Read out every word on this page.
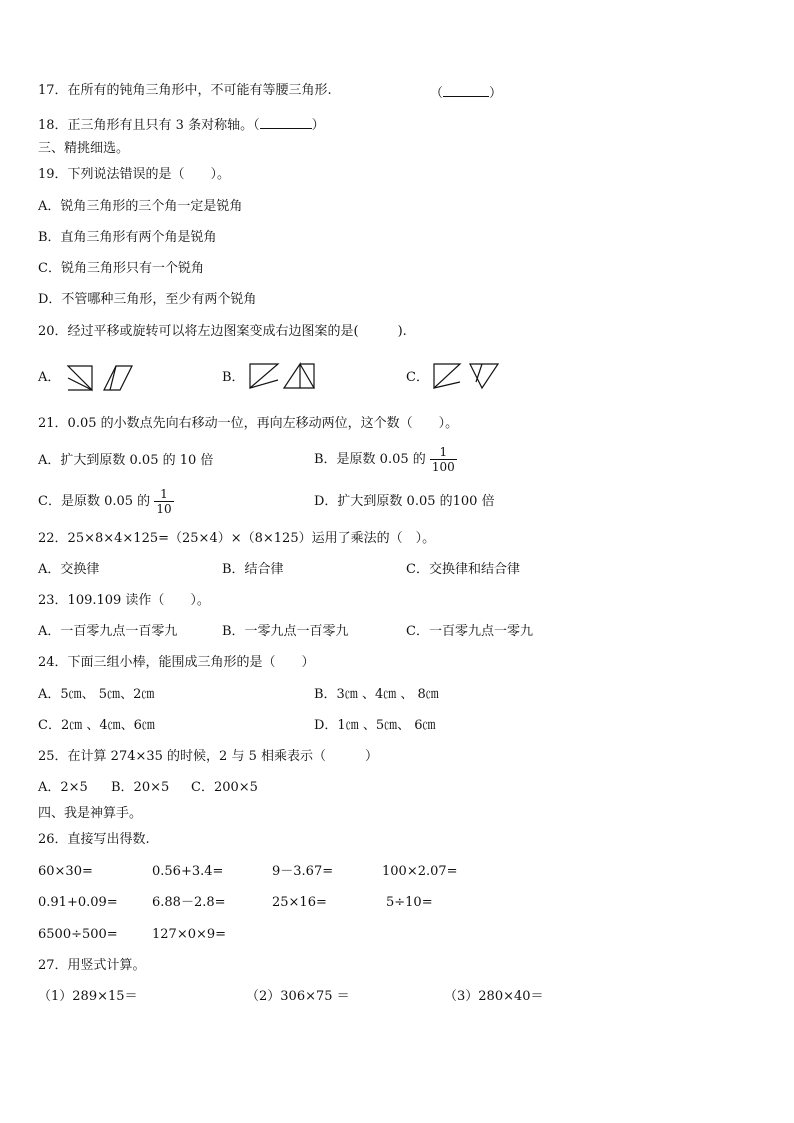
17．在所有的钝角三角形中，不可能有等腰三角形.	（	）
18．正三角形有且只有 3 条对称轴。（	）
三、精挑细选。
19．下列说法错误的是（　　）。
A．锐角三角形的三个角一定是锐角
B．直角三角形有两个角是锐角
C．锐角三角形只有一个锐角
D．不管哪种三角形，至少有两个锐角
20．经过平移或旋转可以将左边图案变成右边图案的是(　　　).
A．	B．	C．
21．0.05 的小数点先向右移动一位，再向左移动两位，这个数（　　）。
A．扩大到原数 0.05 的 10 倍	B．是原数 0.05 的 $\frac{1}{100}$
C．是原数 0.05 的 $\frac{1}{10}$	D．扩大到原数 0.05 的100 倍
22．25×8×4×125=（25×4）×（8×125）运用了乘法的（　）。
A．交换律	B．结合律	C．交换律和结合律
23．109.109 读作（　　）。
A．一百零九点一百零九	B．一零九点一百零九	C．一百零九点一零九
24．下面三组小棒，能围成三角形的是（　　）
A．5㎝、 5㎝、2㎝	B．3㎝ 、4㎝ 、 8㎝
C．2㎝ 、4㎝、6㎝	D．1㎝ 、5㎝、 6㎝
25．在计算 274×35 的时候，2 与 5 相乘表示（　　　）
A．2×5 B．20×5 C．200×5
四、我是神算手。
26．直接写出得数.
60×30=	0.56+3.4=	9－3.67=	100×2.07=
0.91+0.09=	6.88－2.8=	25×16=	5÷10=
6500÷500=	127×0×9=
27．用竖式计算。
（1）289×15＝	（2）306×75 ＝	（3）280×40＝
